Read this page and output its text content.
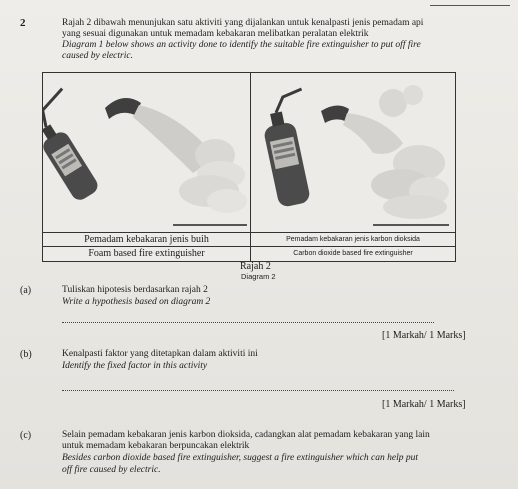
2	Rajah 2 dibawah menunjukan satu aktiviti yang dijalankan untuk kenalpasti jenis pemadam api
yang sesuai digunakan untuk memadam kebakaran melibatkan peralatan elektrik
Diagram 1 below shows an activity done to identify the suitable fire extinguisher to put off fire
caused by electric.
Pemadam kebakaran jenis buih	Pemadam kebakaran jenis karbon dioksida
Foam based fire extinguisher	Carbon dioxide based fire extinguisher
Rajah 2
Diagram 2
(a)	Tuliskan hipotesis berdasarkan rajah 2
Write a hypothesis based on diagram 2
[1 Markah/ 1 Marks]
(b)	Kenalpasti faktor yang ditetapkan dalam aktiviti ini
Identify the fixed factor in this activity
[1 Markah/ 1 Marks]
(c)	Selain pemadam kebakaran jenis karbon dioksida, cadangkan alat pemadam kebakaran yang lain
untuk memadam kebakaran berpuncakan elektrik
Besides carbon dioxide based fire extinguisher, suggest a fire extinguisher which can help put
off fire caused by electric.
